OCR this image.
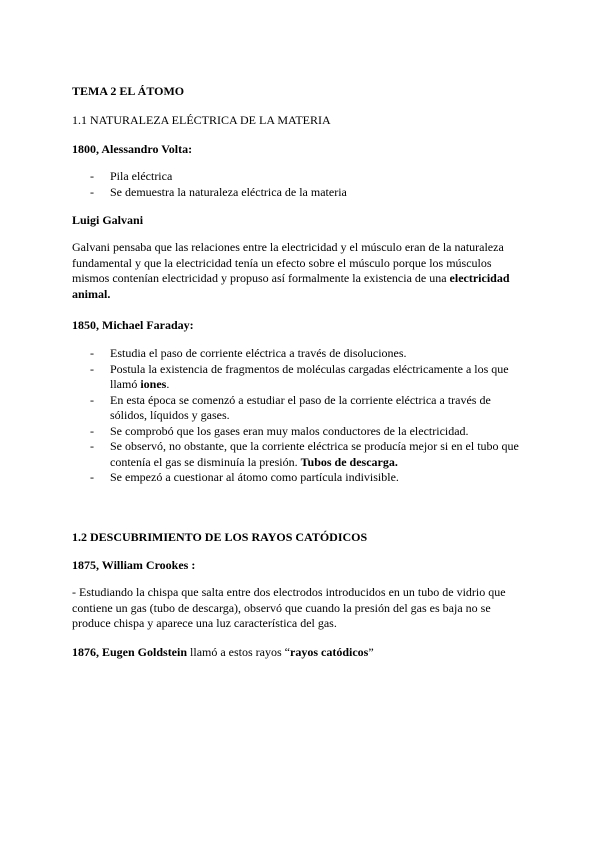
TEMA 2 EL ÁTOMO
1.1 NATURALEZA ELÉCTRICA DE LA MATERIA
1800, Alessandro Volta:
- Pila eléctrica
- Se demuestra la naturaleza eléctrica de la materia
Luigi Galvani
Galvani pensaba que las relaciones entre la electricidad y el músculo eran de la naturaleza fundamental y que la electricidad tenía un efecto sobre el músculo porque los músculos mismos contenían electricidad y propuso así formalmente la existencia de una electricidad animal.
1850, Michael Faraday:
- Estudia el paso de corriente eléctrica a través de disoluciones.
- Postula la existencia de fragmentos de moléculas cargadas eléctricamente a los que llamó iones.
- En esta época se comenzó a estudiar el paso de la corriente eléctrica a través de sólidos, líquidos y gases.
- Se comprobó que los gases eran muy malos conductores de la electricidad.
- Se observó, no obstante, que la corriente eléctrica se producía mejor si en el tubo que contenía el gas se disminuía la presión. Tubos de descarga.
- Se empezó a cuestionar al átomo como partícula indivisible.
1.2 DESCUBRIMIENTO DE LOS RAYOS CATÓDICOS
1875, William Crookes :
- Estudiando la chispa que salta entre dos electrodos introducidos en un tubo de vidrio que contiene un gas (tubo de descarga), observó que cuando la presión del gas es baja no se produce chispa y aparece una luz característica del gas.
1876, Eugen Goldstein llamó a estos rayos “rayos catódicos”
